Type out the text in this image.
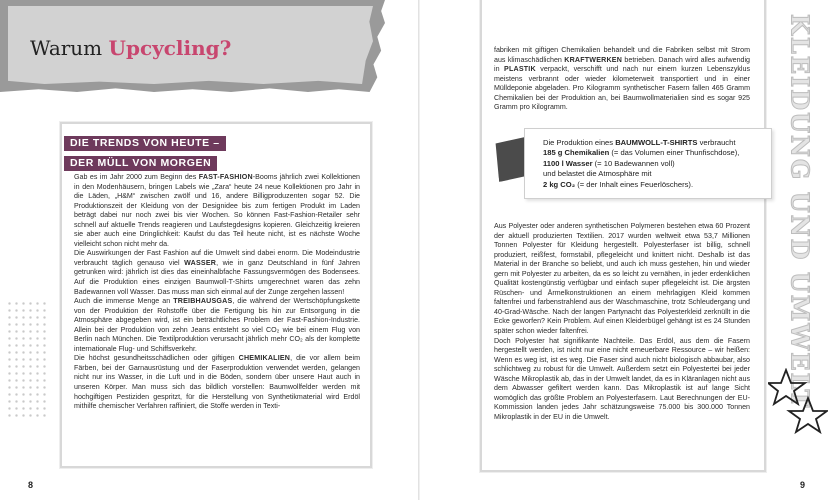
Warum Upcycling?
DIE TRENDS VON HEUTE –
DER MÜLL VON MORGEN

Gab es im Jahr 2000 zum Beginn des FAST-FASHION-Booms jährlich zwei Kollektionen in den Modenhäusern, bringen Labels wie „Zara“ heute 24 neue Kollektionen pro Jahr in die Läden, „H&M“ zwischen zwölf und 16, andere Billigproduzenten sogar 52. Die Produktionszeit der Kleidung von der Designidee bis zum fertigen Produkt im Laden beträgt dabei nur noch zwei bis vier Wochen. So können Fast-Fashion-Retailer sehr schnell auf aktuelle Trends reagieren und Laufstegdesigns kopieren. Gleichzeitig kreieren sie aber auch eine Dringlichkeit: Kaufst du das Teil heute nicht, ist es nächste Woche vielleicht schon nicht mehr da.

Die Auswirkungen der Fast Fashion auf die Umwelt sind dabei enorm. Die Modeindustrie verbraucht täglich genauso viel WASSER, wie in ganz Deutschland in fünf Jahren getrunken wird: jährlich ist dies das eineinhalbfache Fassungsvermögen des Bodensees. Auf die Produktion eines einzigen Baumwoll-T-Shirts umgerechnet waren das zehn Badewannen voll Wasser. Das muss man sich einmal auf der Zunge zergehen lassen!

Auch die immense Menge an TREIBHAUSGAS, die während der Wertschöpfungskette von der Produktion der Rohstoffe über die Fertigung bis hin zur Entsorgung in die Atmosphäre abgegeben wird, ist ein beträchtliches Problem der Fast-Fashion-Industrie. Allein bei der Produktion von zehn Jeans entsteht so viel CO₂ wie bei einem Flug von Berlin nach München. Die Textilproduktion verursacht jährlich mehr CO₂ als der komplette internationale Flug- und Schiffsverkehr.

Die höchst gesundheitsschädlichen oder giftigen CHEMIKALIEN, die vor allem beim Färben, bei der Garnausrüstung und der Faserproduktion verwendet werden, gelangen nicht nur ins Wasser, in die Luft und in die Böden, sondern über unsere Haut auch in unseren Körper. Man muss sich das bildlich vorstellen: Baumwollfelder werden mit hochgiftigen Pestiziden gespritzt, für die Herstellung von Synthetikmaterial wird Erdöl mithilfe chemischer Verfahren raffiniert, die Stoffe werden in Texti-

8

fabriken mit giftigen Chemikalien behandelt und die Fabriken selbst mit Strom aus klimaschädlichen KRAFTWERKEN betrieben. Danach wird alles aufwendig in PLASTIK verpackt, verschifft und nach nur einem kurzen Lebenszyklus meistens verbrannt oder wieder kilometerweit transportiert und in einer Mülldeponie abgeladen. Pro Kilogramm synthetischer Fasern fallen 465 Gramm Chemikalien bei der Produktion an, bei Baumwollmaterialien sind es sogar 925 Gramm pro Kilogramm.

Die Produktion eines BAUMWOLL-T-SHIRTS verbraucht
185 g Chemikalien (= das Volumen einer Thunfischdose),
1100 l Wasser (= 10 Badewannen voll)
und belastet die Atmosphäre mit
2 kg CO₂ (= der Inhalt eines Feuerlöschers).

Aus Polyester oder anderen synthetischen Polymeren bestehen etwa 60 Prozent der aktuell produzierten Textilien. 2017 wurden weltweit etwa 53,7 Millionen Tonnen Polyester für Kleidung hergestellt. Polyesterfaser ist billig, schnell produziert, reißfest, formstabil, pflegeleicht und knittert nicht. Deshalb ist das Material in der Branche so beliebt, und auch ich muss gestehen, hin und wieder gern mit Polyester zu arbeiten, da es so leicht zu vernähen, in jeder erdenklichen Qualität kostengünstig verfügbar und einfach super pflegeleicht ist. Die ärgsten Rüschen- und Ärmelkonstruktionen an einem mehrlagigen Kleid kommen faltenfrei und farbenstrahlend aus der Waschmaschine, trotz Schleudergang und 40-Grad-Wäsche. Nach der langen Partynacht das Polyesterkleid zerknüllt in die Ecke geworfen? Kein Problem. Auf einen Kleiderbügel gehängt ist es 24 Stunden später schon wieder faltenfrei.

Doch Polyester hat signifikante Nachteile. Das Erdöl, aus dem die Fasern hergestellt werden, ist nicht nur eine nicht erneuerbare Ressource – wir heißen: Wenn es weg ist, ist es weg. Die Faser sind auch nicht biologisch abbaubar, also schlichtweg zu robust für die Umwelt. Außerdem setzt ein Polyestertei bei jeder Wäsche Mikroplastik ab, das in der Umwelt landet, da es in Kläranlagen nicht aus dem Abwasser gefiltert werden kann. Das Mikroplastik ist auf lange Sicht womöglich das größte Problem an Polyesterfasern. Laut Berechnungen der EU-Kommission landen jedes Jahr schätzungsweise 75.000 bis 300.000 Tonnen Mikroplastik in der EU in die Umwelt.

KLEIDUNG UND UMWELT
9
